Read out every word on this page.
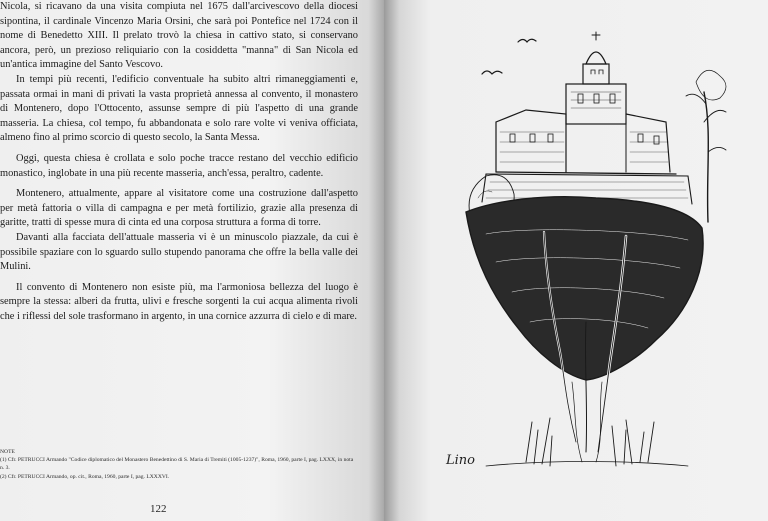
Nicola, si ricavano da una visita compiuta nel 1675 dall'arcivescovo della diocesi sipontina, il cardinale Vincenzo Maria Orsini, che sarà poi Pontefice nel 1724 con il nome di Benedetto XIII. Il prelato trovò la chiesa in cattivo stato, si conservano ancora, però, un prezioso reliquiario con la cosiddetta "manna" di San Nicola ed un'antica immagine del Santo Vescovo.

In tempi più recenti, l'edificio conventuale ha subito altri rimaneggiamenti e, passata ormai in mani di privati la vasta proprietà annessa al convento, il monastero di Montenero, dopo l'Ottocento, assunse sempre di più l'aspetto di una grande masseria. La chiesa, col tempo, fu abbandonata e solo rare volte vi veniva officiata, almeno fino al primo scorcio di questo secolo, la Santa Messa.

Oggi, questa chiesa è crollata e solo poche tracce restano del vecchio edificio monastico, inglobate in una più recente masseria, anch'essa, peraltro, cadente.

Montenero, attualmente, appare al visitatore come una costruzione dall'aspetto per metà fattoria o villa di campagna e per metà fortilizio, grazie alla presenza di garitte, tratti di spesse mura di cinta ed una corposa struttura a forma di torre.

Davanti alla facciata dell'attuale masseria vi è un minuscolo piazzale, da cui è possibile spaziare con lo sguardo sullo stupendo panorama che offre la bella valle dei Mulini.

Il convento di Montenero non esiste più, ma l'armoniosa bellezza del luogo è sempre la stessa: alberi da frutta, ulivi e fresche sorgenti la cui acqua alimenta rivoli che i riflessi del sole trasformano in argento, in una cornice azzurra di cielo e di mare.

NOTE

(1) Cfr. PETRUCCI Armando "Codice diplomatico del Monastero Benedettino di S. Maria di Tremiti (1005-1237)", Roma, 1960, parte I, pag. LXXX, in nota n. 3.

(2) Cfr. PETRUCCI Armando, op. cit., Roma, 1960, parte I, pag. LXXXVI.

122
Lino
